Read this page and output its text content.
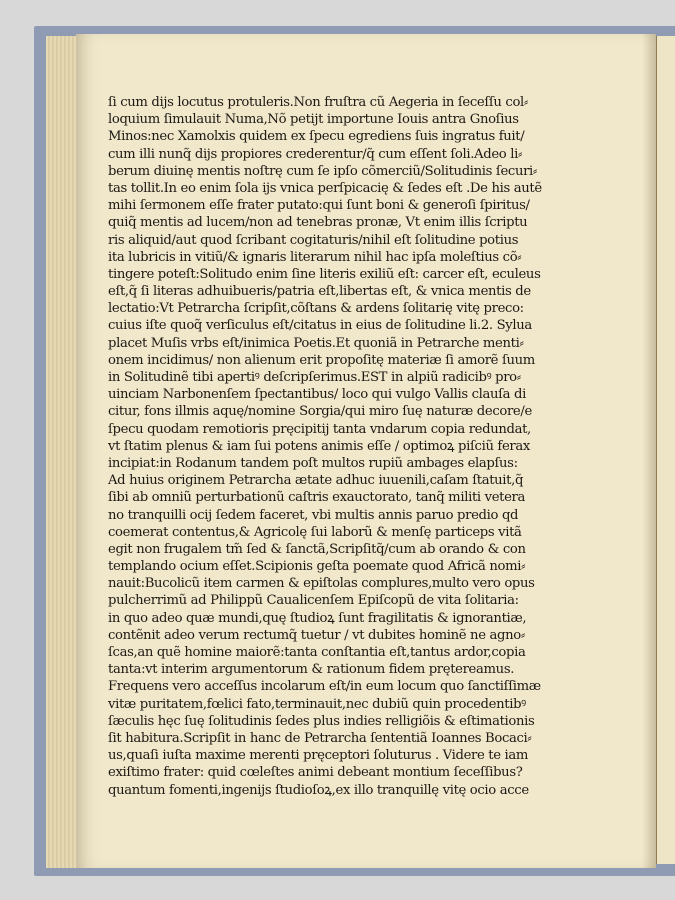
ſi cum dijs locutus protuleris.Non fruſtra cũ Aegeria in ſeceſſu col⸗
loquium ſimulauit Numa,Nõ petijt importune Iouis antra Gnoſius
Minos:nec Xamolxis quidem ex ſpecu egrediens ſuis ingratus fuit/
cum illi nunq̃ dijs propiores crederentur/q̃ cum eſſent ſoli.Adeo li⸗
berum diuinę mentis noſtrę cum ſe ipſo cõmerciũ/Solitudinis ſecuri⸗
tas tollit.In eo enim ſola ijs vnica perſpicacię & ſedes eſt .De his autẽ
mihi ſermonem eſſe frater putato:qui ſunt boni & generoſi ſpiritus/
quiq̃ mentis ad lucem/non ad tenebras pronæ, Vt enim illis ſcriptu
ris aliquid/aut quod ſcribant cogitaturis/nihil eſt ſolitudine potius
ita lubricis in vitiũ/& ignaris literarum nihil hac ipſa moleſtius cõ⸗
tingere poteſt:Solitudo enim ſine literis exiliũ eſt: carcer eſt, eculeus
eſt,q̃ ſi literas adhuibueris/patria eſt,libertas eſt, & vnica mentis de
lectatio:Vt Petrarcha ſcripſit,cõſtans & ardens ſolitarię vitę preco:
cuius iſte quoq̃ verſiculus eſt/citatus in eius de ſolitudine li.2. Sylua
placet Muſis vrbs eſt/inimica Poetis.Et quoniã in Petrarche menti⸗
onem incidimus/ non alienum erit propoſitę materiæ ſi amorẽ ſuum
in Solitudinẽ tibi apertiꝰ deſcripſerimus.EST in alpiũ radicibꝰ pro⸗
uinciam Narbonenſem ſpectantibus/ loco qui vulgo Vallis clauſa di
citur, fons illmis aquę/nomine Sorgia/qui miro ſuę naturæ decore/e
ſpecu quodam remotioris pręcipitij tanta vndarum copia redundat,
vt ſtatim plenus & iam ſui potens animis eſſe / optimoꝝ piſciũ ferax
incipiat:in Rodanum tandem poſt multos rupiũ ambages elapſus:
Ad huius originem Petrarcha ætate adhuc iuuenili,caſam ſtatuit,q̃
ſibi ab omniũ perturbationũ caſtris exauctorato, tanq̃ militi vetera
no tranquilli ocij ſedem faceret, vbi multis annis paruo predio qd
coemerat contentus,& Agricolę ſui laborũ & menſę particeps vitã
egit non frugalem tm̃ ſed & ſanctã,Scripſitq̃/cum ab orando & con
templando ocium eſſet.Scipionis geſta poemate quod Africã nomi⸗
nauit:Bucolicũ item carmen & epiſtolas complures,multo vero opus
pulcherrimũ ad Philippũ Caualicenſem Epiſcopũ de vita ſolitaria:
in quo adeo quæ mundi,quę ſtudioꝝ ſunt fragilitatis & ignorantiæ,
contẽnit adeo verum rectumq̃ tuetur / vt dubites hominẽ ne agno⸗
ſcas,an quẽ homine maiorẽ:tanta conſtantia eſt,tantus ardor,copia
tanta:vt interim argumentorum & rationum fidem prętereamus.
Frequens vero acceſſus incolarum eſt/in eum locum quo ſanctiſſimæ
vitæ puritatem,fœlici fato,terminauit,nec dubiũ quin procedentibꝰ
ſæculis hęc ſuę ſolitudinis ſedes plus indies relligiõis & eſtimationis
ſit habitura.Scripſit in hanc de Petrarcha ſententiã Ioannes Bocaci⸗
us,quaſi iuſta maxime merenti pręceptori ſoluturus . Videre te iam
exiſtimo frater: quid cœleſtes animi debeant montium ſeceſſibus?
quantum fomenti,ingenijs ſtudioſoꝝ,ex illo tranquillę vitę ocio acce
